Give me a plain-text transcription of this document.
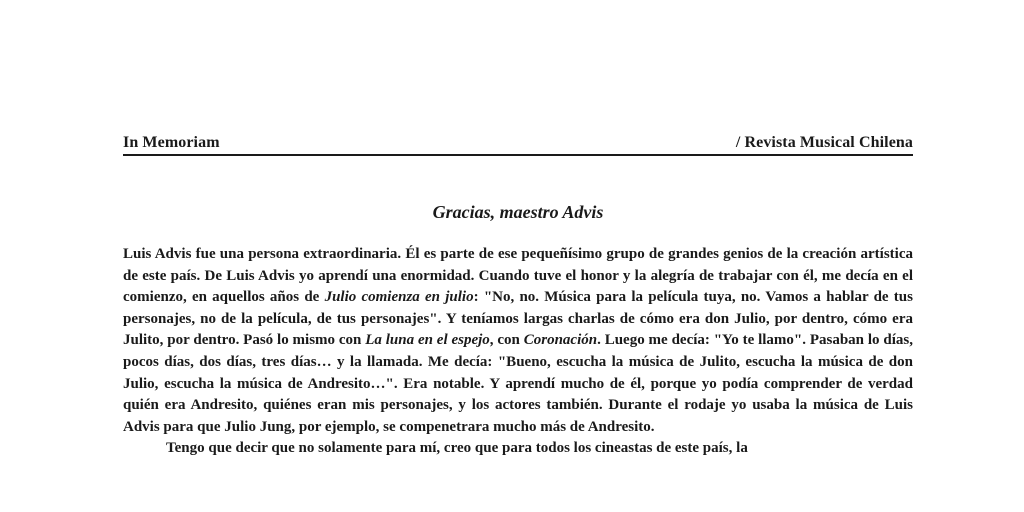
In Memoriam	/ Revista Musical Chilena
Gracias, maestro Advis

Luis Advis fue una persona extraordinaria. Él es parte de ese pequeñísimo grupo de grandes genios de la creación artística de este país. De Luis Advis yo aprendí una enormidad. Cuando tuve el honor y la alegría de trabajar con él, me decía en el comienzo, en aquellos años de Julio comienza en julio: "No, no. Música para la película tuya, no. Vamos a hablar de tus personajes, no de la película, de tus personajes". Y teníamos largas charlas de cómo era don Julio, por dentro, cómo era Julito, por dentro. Pasó lo mismo con La luna en el espejo, con Coronación. Luego me decía: "Yo te llamo". Pasaban lo días, pocos días, dos días, tres días… y la llamada. Me decía: "Bueno, escucha la música de Julito, escucha la música de don Julio, escucha la música de Andresito…". Era notable. Y aprendí mucho de él, porque yo podía comprender de verdad quién era Andresito, quiénes eran mis personajes, y los actores también. Durante el rodaje yo usaba la música de Luis Advis para que Julio Jung, por ejemplo, se compenetrara mucho más de Andresito.

Tengo que decir que no solamente para mí, creo que para todos los cineastas de este país, la
